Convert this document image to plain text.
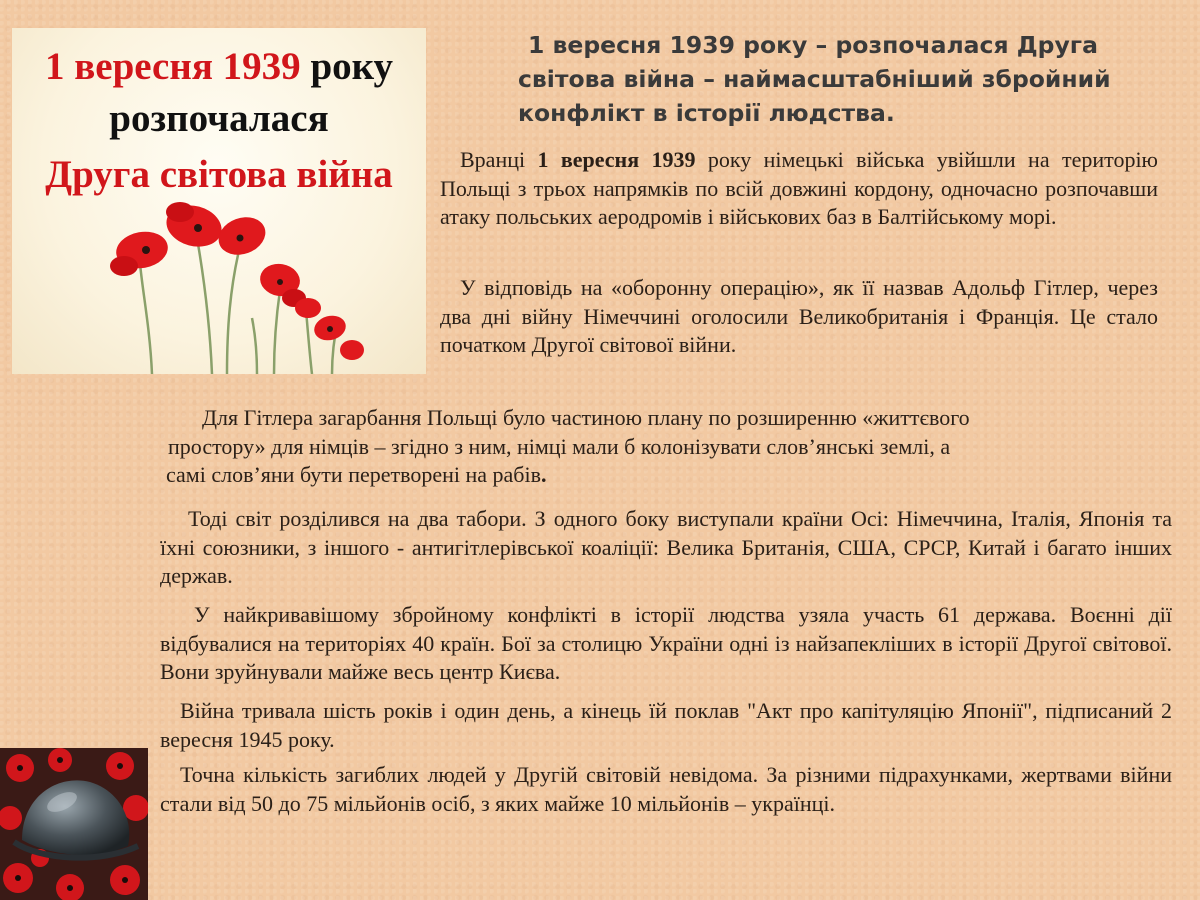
1 вересня 1939 року
розпочалася
Друга світова війна
1 вересня 1939 року – розпочалася Друга
світова війна – наймасштабніший збройний
конфлікт в історії людства.

Вранці 1 вересня 1939 року німецькі війська увійшли на територію Польщі з трьох напрямків по всій довжині кордону, одночасно розпочавши атаку польських аеродромів і військових баз в Балтійському морі.

У відповідь на «оборонну операцію», як її назвав Адольф Гітлер, через два дні війну Німеччині оголосили Великобританія і Франція. Це стало початком Другої світової війни.

Для Гітлера загарбання Польщі було частиною плану по розширенню «життєвого
простору» для німців – згідно з ним, німці мали б колонізувати слов’янські землі, а
самі слов’яни бути перетворені на рабів.

Тоді світ розділився на два табори. З одного боку виступали країни Осі: Німеччина, Італія, Японія та їхні союзники, з іншого - антигітлерівської коаліції: Велика Британія, США, СРСР, Китай і багато інших держав.

У найкривавішому збройному конфлікті в історії людства узяла участь 61 держава. Воєнні дії відбувалися на територіях 40 країн. Бої за столицю України одні із найзапекліших в історії Другої світової. Вони зруйнували майже весь центр Києва.

Війна тривала шість років і один день, а кінець їй поклав "Акт про капітуляцію Японії", підписаний 2 вересня 1945 року.

Точна кількість загиблих людей у Другій світовій невідома. За різними підрахунками, жертвами війни стали від 50 до 75 мільйонів осіб, з яких майже 10 мільйонів – українці.
